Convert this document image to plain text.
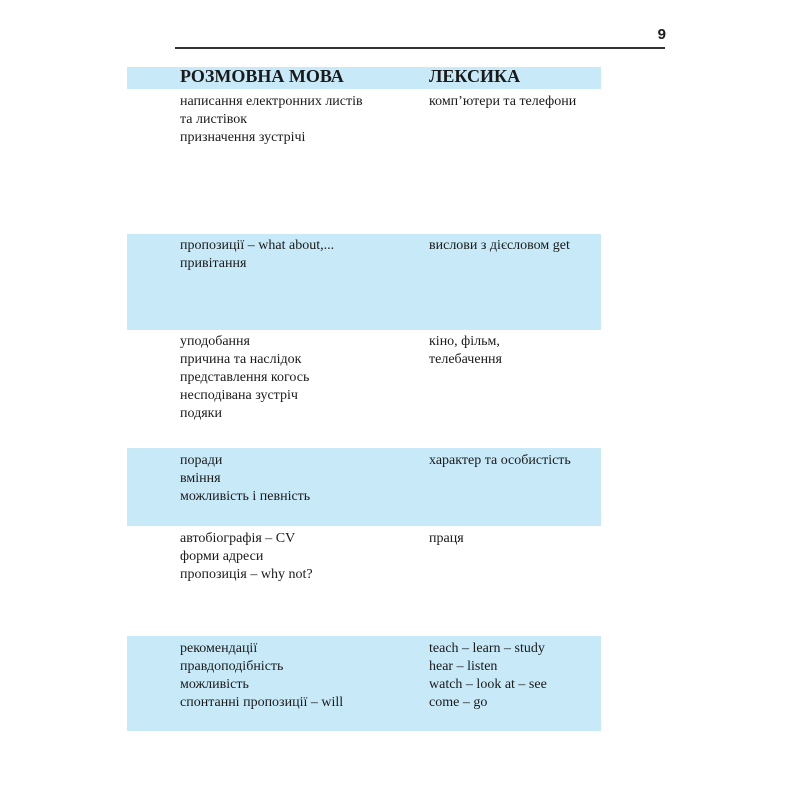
9
РОЗМОВНА МОВА	ЛЕКСИКА
написання електронних листів
та листівок
призначення зустрічі
комп’ютери та телефони
пропозиції – what about,...
привітання
вислови з дієсловом get
уподобання
причина та наслідок
представлення когось
несподівана зустріч
подяки
кіно, фільм,
телебачення
поради
вміння
можливість і певність
характер та особистість
автобіографія – CV
форми адреси
пропозиція – why not?
праця
рекомендації
правдоподібність
можливість
спонтанні пропозиції – will
teach – learn – study
hear – listen
watch – look at – see
come – go
